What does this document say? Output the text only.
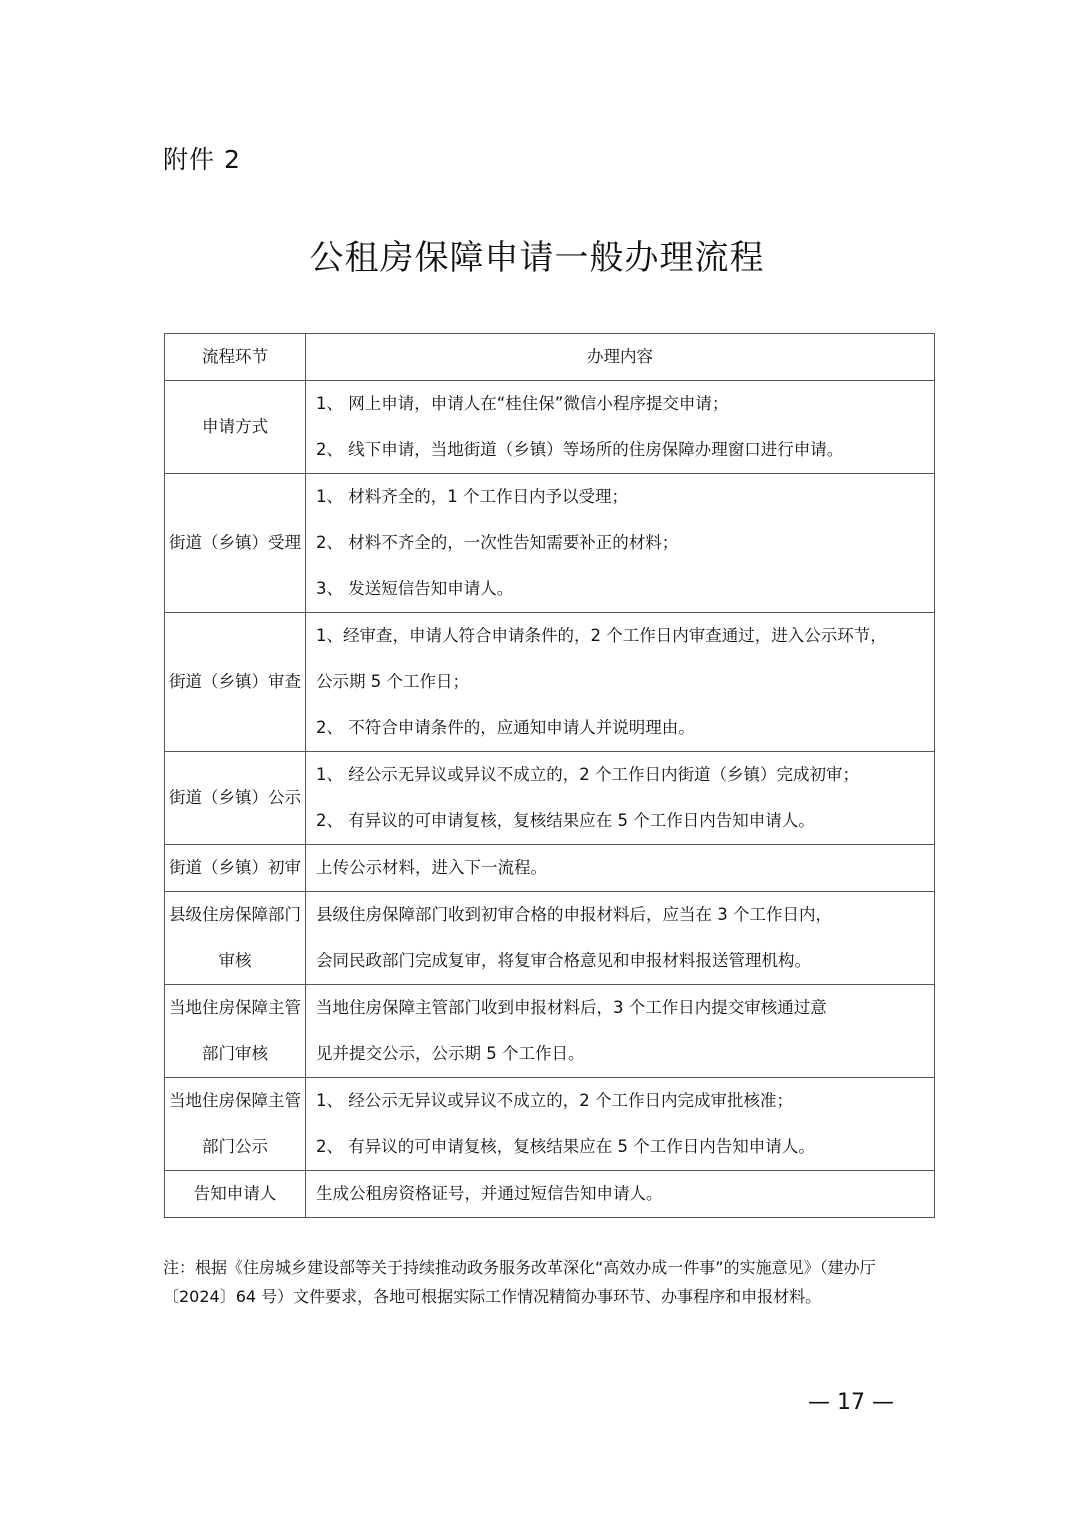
附件 2
公租房保障申请一般办理流程
流程环节	办理内容
申请方式	1、 网上申请，申请人在“桂住保”微信小程序提交申请；
2、 线下申请，当地街道（乡镇）等场所的住房保障办理窗口进行申请。

街道（乡镇）受理	1、 材料齐全的，1 个工作日内予以受理；
2、 材料不齐全的，一次性告知需要补正的材料；
3、 发送短信告知申请人。

街道（乡镇）审查	1、经审查，申请人符合申请条件的，2 个工作日内审查通过，进入公示环节，
公示期 5 个工作日；
2、 不符合申请条件的，应通知申请人并说明理由。

街道（乡镇）公示	1、 经公示无异议或异议不成立的，2 个工作日内街道（乡镇）完成初审；
2、 有异议的可申请复核，复核结果应在 5 个工作日内告知申请人。

街道（乡镇）初审	上传公示材料，进入下一流程。

县级住房保障部门审核	县级住房保障部门收到初审合格的申报材料后，应当在 3 个工作日内，
会同民政部门完成复审，将复审合格意见和申报材料报送管理机构。

当地住房保障主管部门审核	当地住房保障主管部门收到申报材料后，3 个工作日内提交审核通过意
见并提交公示，公示期 5 个工作日。

当地住房保障主管部门公示	1、 经公示无异议或异议不成立的，2 个工作日内完成审批核准；
2、 有异议的可申请复核，复核结果应在 5 个工作日内告知申请人。

告知申请人	生成公租房资格证号，并通过短信告知申请人。
注：根据《住房城乡建设部等关于持续推动政务服务改革深化“高效办成一件事”的实施意见》（建办厅〔2024〕64 号）文件要求，各地可根据实际工作情况精简办事环节、办事程序和申报材料。
— 17 —
